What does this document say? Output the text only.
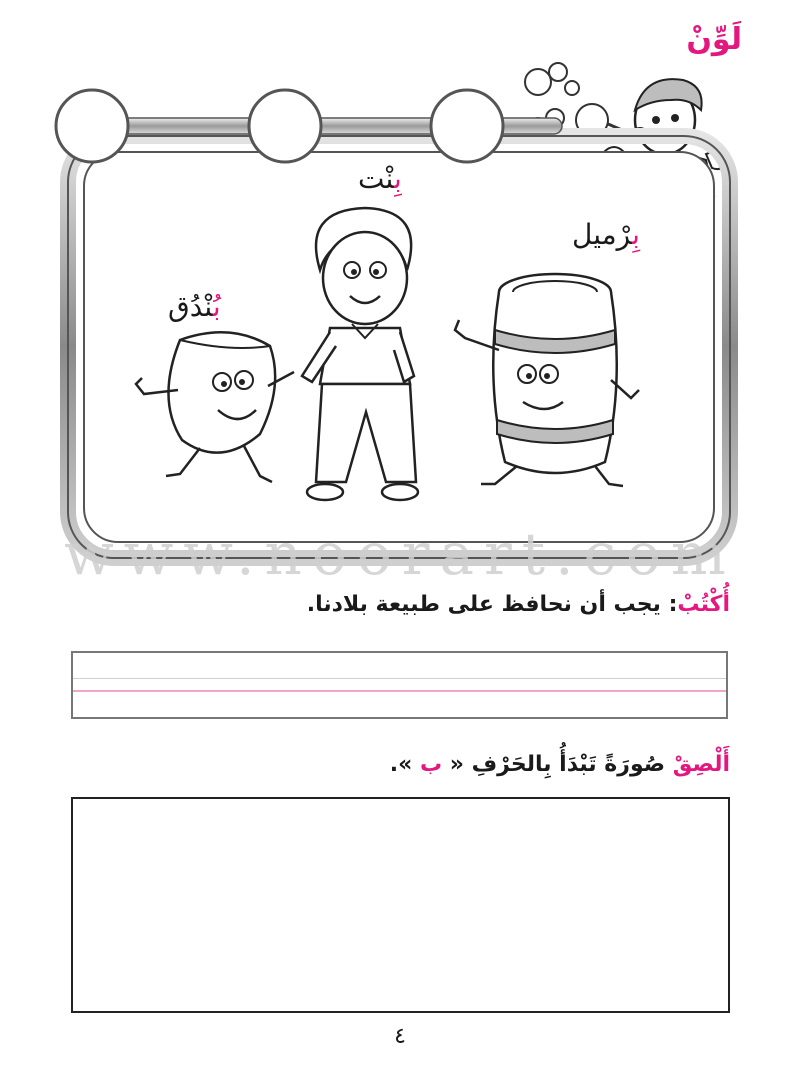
لَوِّنْ
www.noorart.com
بِنْت
بِرْميل
بُنْدُق
أُكْتُبْ: يجب أن نحافظ على طبيعة بلادنا.
أَلْصِقْ صُورَةً تَبْدَأُ بِالحَرْفِ « ب ».
٤
